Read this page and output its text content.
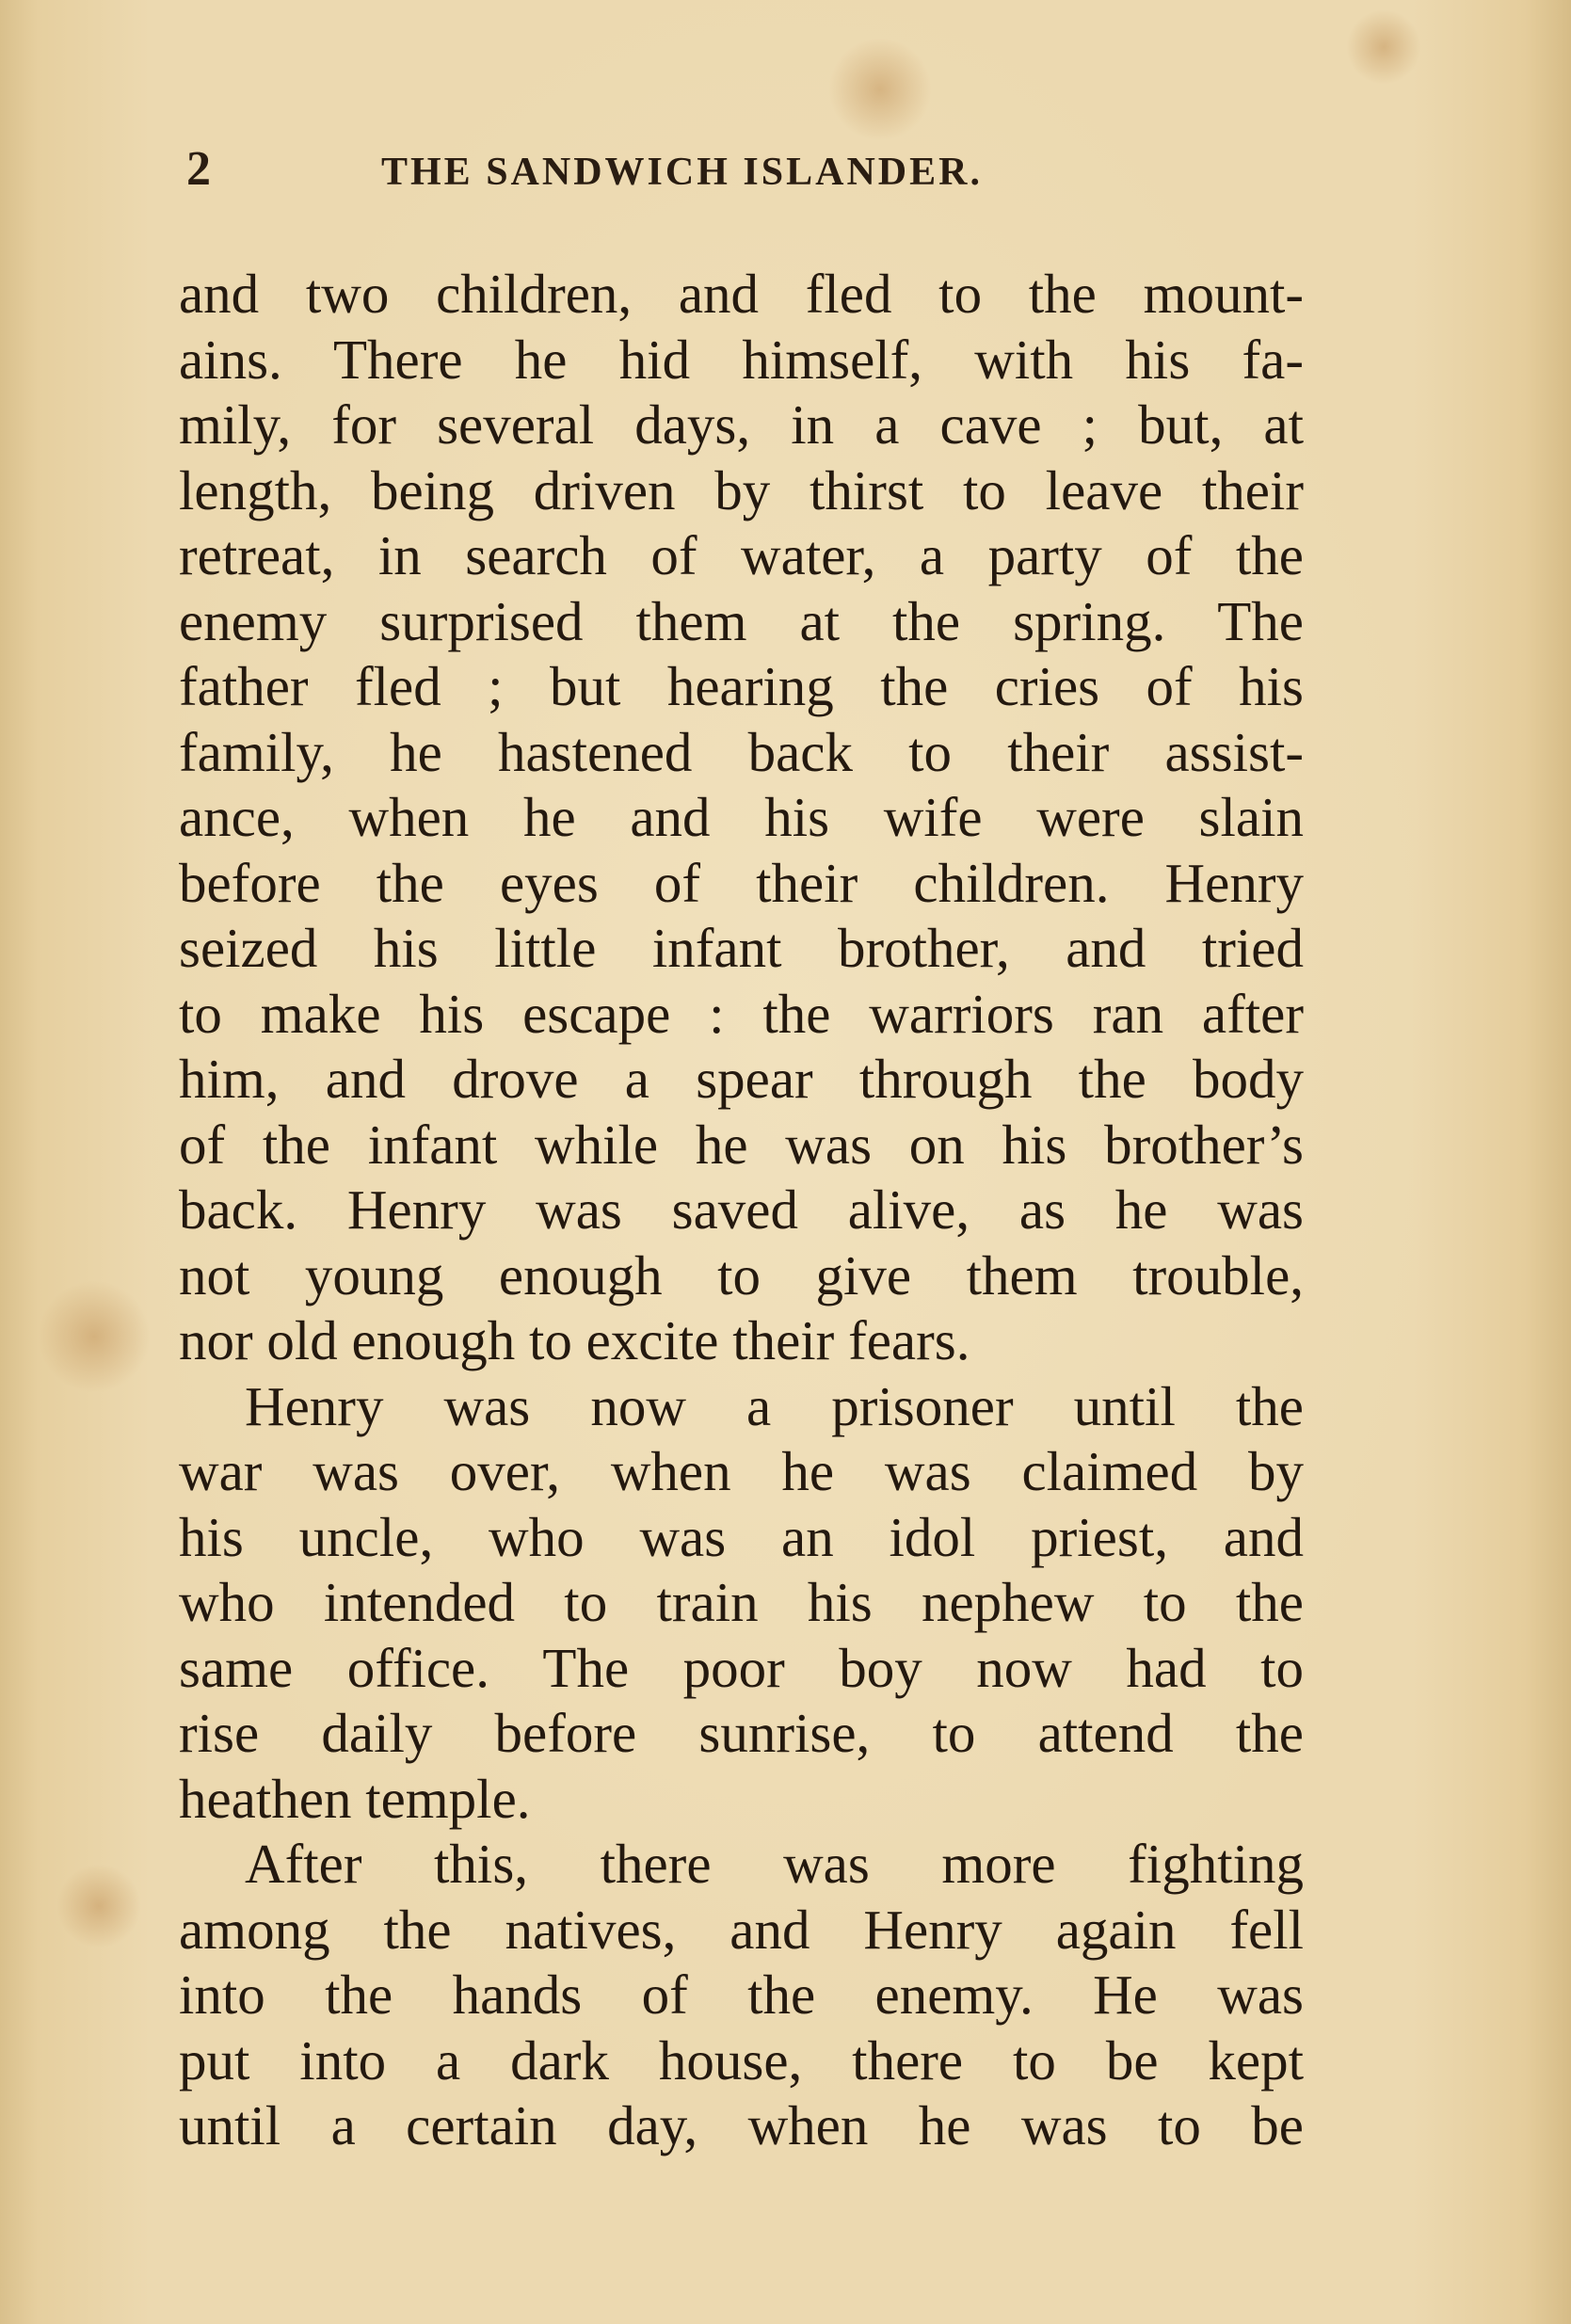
2	THE SANDWICH ISLANDER.

and two children, and fled to the mount-
ains. There he hid himself, with his fa-
mily, for several days, in a cave ; but, at
length, being driven by thirst to leave their
retreat, in search of water, a party of the
enemy surprised them at the spring. The
father fled ; but hearing the cries of his
family, he hastened back to their assist-
ance, when he and his wife were slain
before the eyes of their children. Henry
seized his little infant brother, and tried
to make his escape : the warriors ran after
him, and drove a spear through the body
of the infant while he was on his brother’s
back. Henry was saved alive, as he was
not young enough to give them trouble,
nor old enough to excite their fears.

Henry was now a prisoner until the
war was over, when he was claimed by
his uncle, who was an idol priest, and
who intended to train his nephew to the
same office. The poor boy now had to
rise daily before sunrise, to attend the
heathen temple.

After this, there was more fighting
among the natives, and Henry again fell
into the hands of the enemy. He was
put into a dark house, there to be kept
until a certain day, when he was to be
